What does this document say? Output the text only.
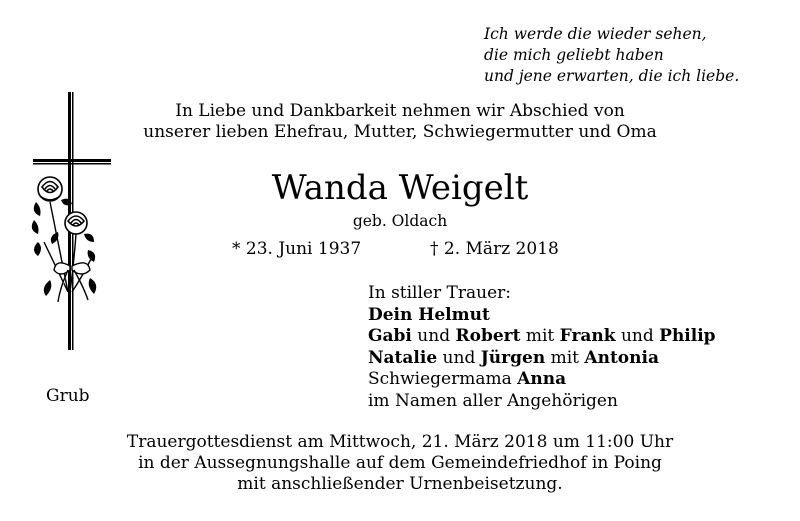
Ich werde die wieder sehen,
die mich geliebt haben
und jene erwarten, die ich liebe.
In Liebe und Dankbarkeit nehmen wir Abschied von
unserer lieben Ehefrau, Mutter, Schwiegermutter und Oma
Wanda Weigelt
geb. Oldach
* 23. Juni 1937	† 2. März 2018
In stiller Trauer:
Dein Helmut
Gabi und Robert mit Frank und Philip
Natalie und Jürgen mit Antonia
Schwiegermama Anna
im Namen aller Angehörigen
Grub
Trauergottesdienst am Mittwoch, 21. März 2018 um 11:00 Uhr
in der Aussegnungshalle auf dem Gemeindefriedhof in Poing
mit anschließender Urnenbeisetzung.
